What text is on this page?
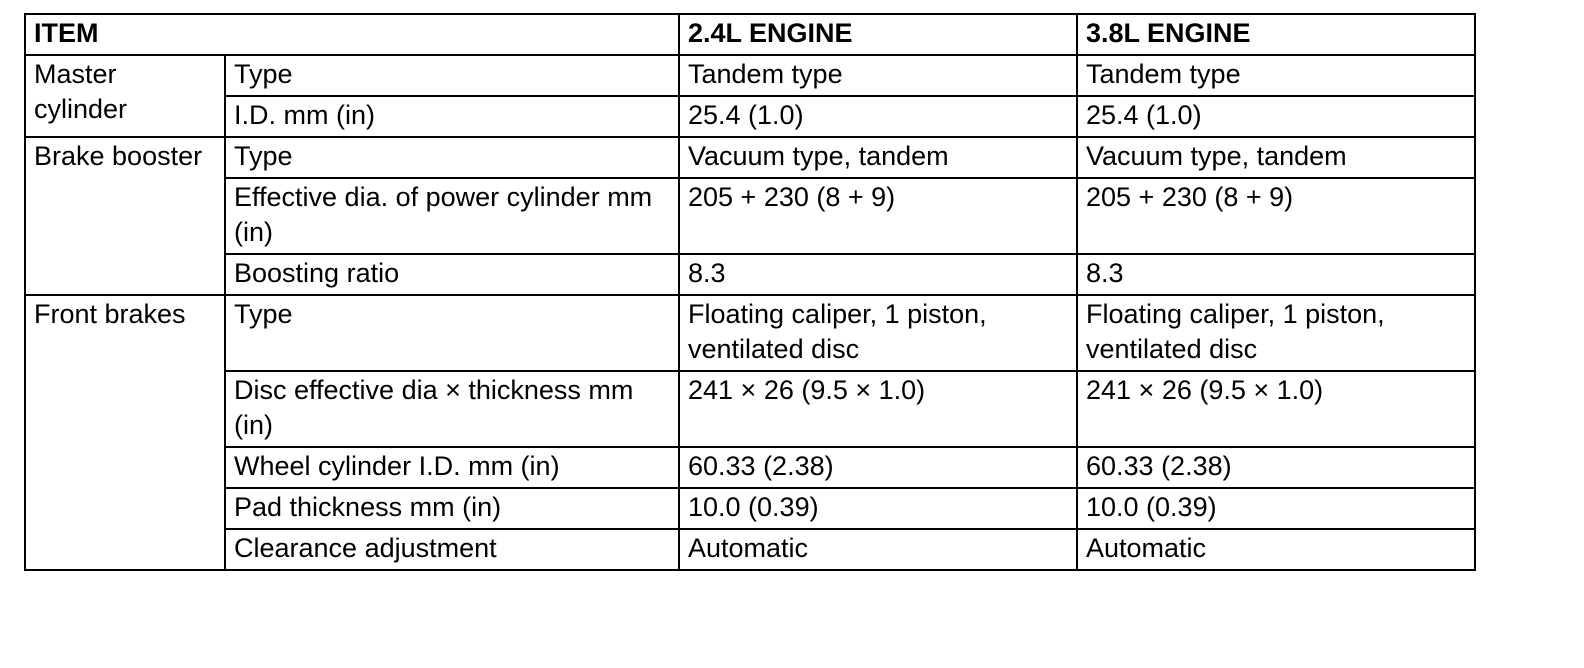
ITEM		2.4L ENGINE	3.8L ENGINE
Master cylinder	Type	Tandem type	Tandem type
	I.D. mm (in)	25.4 (1.0)	25.4 (1.0)
Brake booster	Type	Vacuum type, tandem	Vacuum type, tandem
	Effective dia. of power cylinder mm (in)	205 + 230 (8 + 9)	205 + 230 (8 + 9)
	Boosting ratio	8.3	8.3
Front brakes	Type	Floating caliper, 1 piston, ventilated disc	Floating caliper, 1 piston, ventilated disc
	Disc effective dia × thickness mm (in)	241 × 26 (9.5 × 1.0)	241 × 26 (9.5 × 1.0)
	Wheel cylinder I.D. mm (in)	60.33 (2.38)	60.33 (2.38)
	Pad thickness mm (in)	10.0 (0.39)	10.0 (0.39)
	Clearance adjustment	Automatic	Automatic
